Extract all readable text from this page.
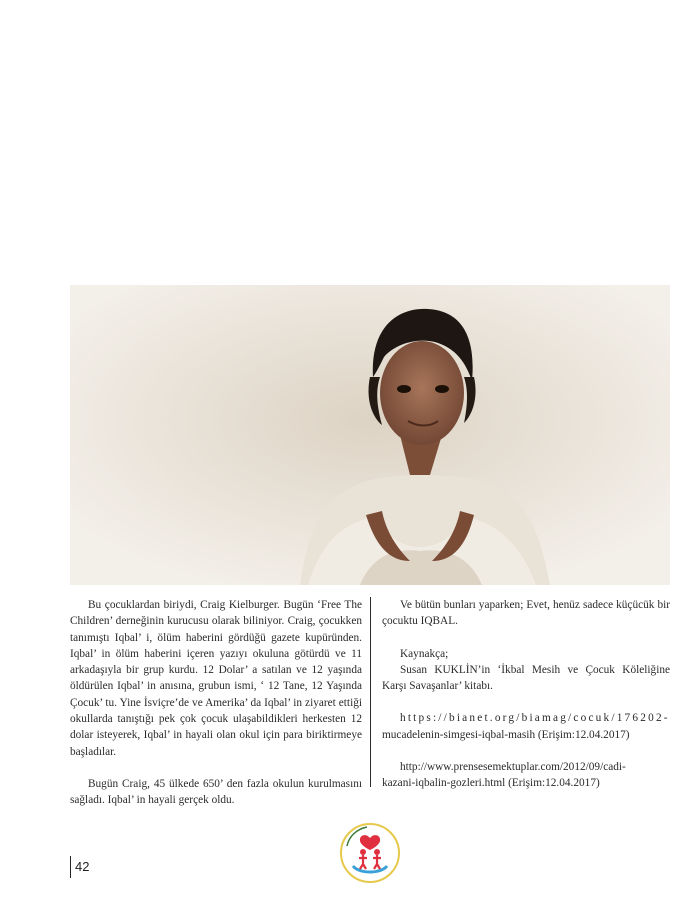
Bu çocuklardan biriydi, Craig Kielburger. Bugün ‘Free The Children’ derneğinin kurucusu olarak biliniyor. Craig, çocukken tanımıştı Iqbal’ i, ölüm haberini gördüğü gazete kupüründen. Iqbal’ in ölüm haberini içeren yazıyı okuluna götürdü ve 11 arkadaşıyla bir grup kurdu. 12 Dolar’ a satılan ve 12 yaşında öldürülen Iqbal’ in anısına, grubun ismi, ‘ 12 Tane, 12 Yaşında Çocuk’ tu. Yine İsviçre’de ve Amerika’ da Iqbal’ in ziyaret ettiği okullarda tanıştığı pek çok çocuk ulaşabildikleri herkesten 12 dolar isteyerek, Iqbal’ in hayali olan okul için para biriktirmeye başladılar.

Bugün Craig, 45 ülkede 650’ den fazla okulun kurulmasını sağladı. Iqbal’ in hayali gerçek oldu.

Ve bütün bunları yaparken; Evet, henüz sadece küçücük bir çocuktu IQBAL.

Kaynakça;

Susan KUKLİN’in ‘İkbal Mesih ve Çocuk Köleliğine Karşı Savaşanlar’ kitabı.

https://bianet.org/biamag/cocuk/176202-

mucadelenin-simgesi-iqbal-masih (Erişim:12.04.2017)

http://www.prensesemektuplar.com/2012/09/cadi-

kazani-iqbalin-gozleri.html (Erişim:12.04.2017)

42
